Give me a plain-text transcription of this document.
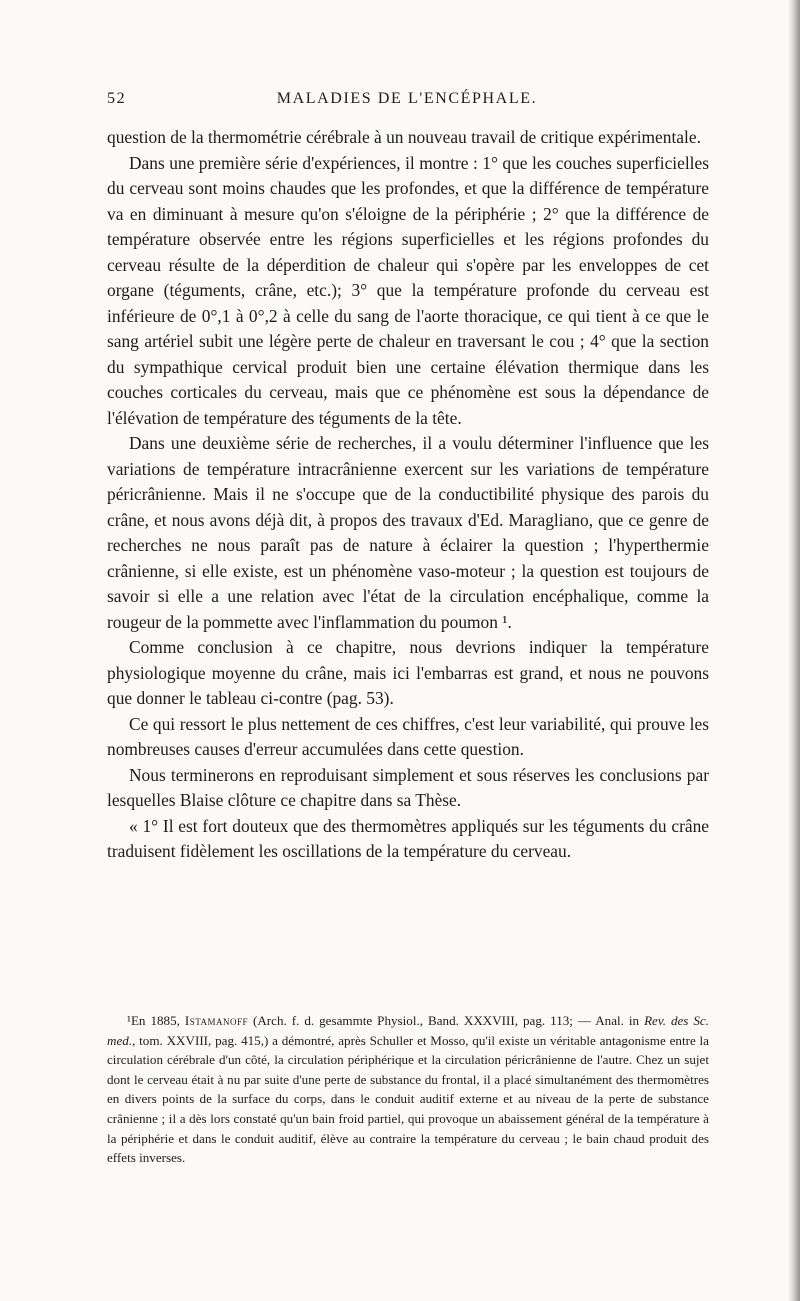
52	MALADIES DE L'ENCÉPHALE.

question de la thermométrie cérébrale à un nouveau travail de critique expérimentale.

Dans une première série d'expériences, il montre : 1° que les couches superficielles du cerveau sont moins chaudes que les profondes, et que la différence de température va en diminuant à mesure qu'on s'éloigne de la périphérie ; 2° que la différence de température observée entre les régions superficielles et les régions profondes du cerveau résulte de la déperdition de chaleur qui s'opère par les enveloppes de cet organe (téguments, crâne, etc.); 3° que la température profonde du cerveau est inférieure de 0°,1 à 0°,2 à celle du sang de l'aorte thoracique, ce qui tient à ce que le sang artériel subit une légère perte de chaleur en traversant le cou ; 4° que la section du sympathique cervical produit bien une certaine élévation thermique dans les couches corticales du cerveau, mais que ce phénomène est sous la dépendance de l'élévation de température des téguments de la tête.

Dans une deuxième série de recherches, il a voulu déterminer l'influence que les variations de température intracrânienne exercent sur les variations de température péricrânienne. Mais il ne s'occupe que de la conductibilité physique des parois du crâne, et nous avons déjà dit, à propos des travaux d'Ed. Maragliano, que ce genre de recherches ne nous paraît pas de nature à éclairer la question ; l'hyperthermie crânienne, si elle existe, est un phénomène vaso-moteur ; la question est toujours de savoir si elle a une relation avec l'état de la circulation encéphalique, comme la rougeur de la pommette avec l'inflammation du poumon ¹.

Comme conclusion à ce chapitre, nous devrions indiquer la température physiologique moyenne du crâne, mais ici l'embarras est grand, et nous ne pouvons que donner le tableau ci-contre (pag. 53).

Ce qui ressort le plus nettement de ces chiffres, c'est leur variabilité, qui prouve les nombreuses causes d'erreur accumulées dans cette question.

Nous terminerons en reproduisant simplement et sous réserves les conclusions par lesquelles Blaise clôture ce chapitre dans sa Thèse.

« 1° Il est fort douteux que des thermomètres appliqués sur les téguments du crâne traduisent fidèlement les oscillations de la température du cerveau.

¹En 1885, Istamanoff (Arch. f. d. gesammte Physiol., Band. XXXVIII, pag. 113; — Anal. in Rev. des Sc. med., tom. XXVIII, pag. 415,) a démontré, après Schuller et Mosso, qu'il existe un véritable antagonisme entre la circulation cérébrale d'un côté, la circulation périphérique et la circulation péricrânienne de l'autre. Chez un sujet dont le cerveau était à nu par suite d'une perte de substance du frontal, il a placé simultanément des thermomètres en divers points de la surface du corps, dans le conduit auditif externe et au niveau de la perte de substance crânienne ; il a dès lors constaté qu'un bain froid partiel, qui provoque un abaissement général de la température à la périphérie et dans le conduit auditif, élève au contraire la température du cerveau ; le bain chaud produit des effets inverses.
